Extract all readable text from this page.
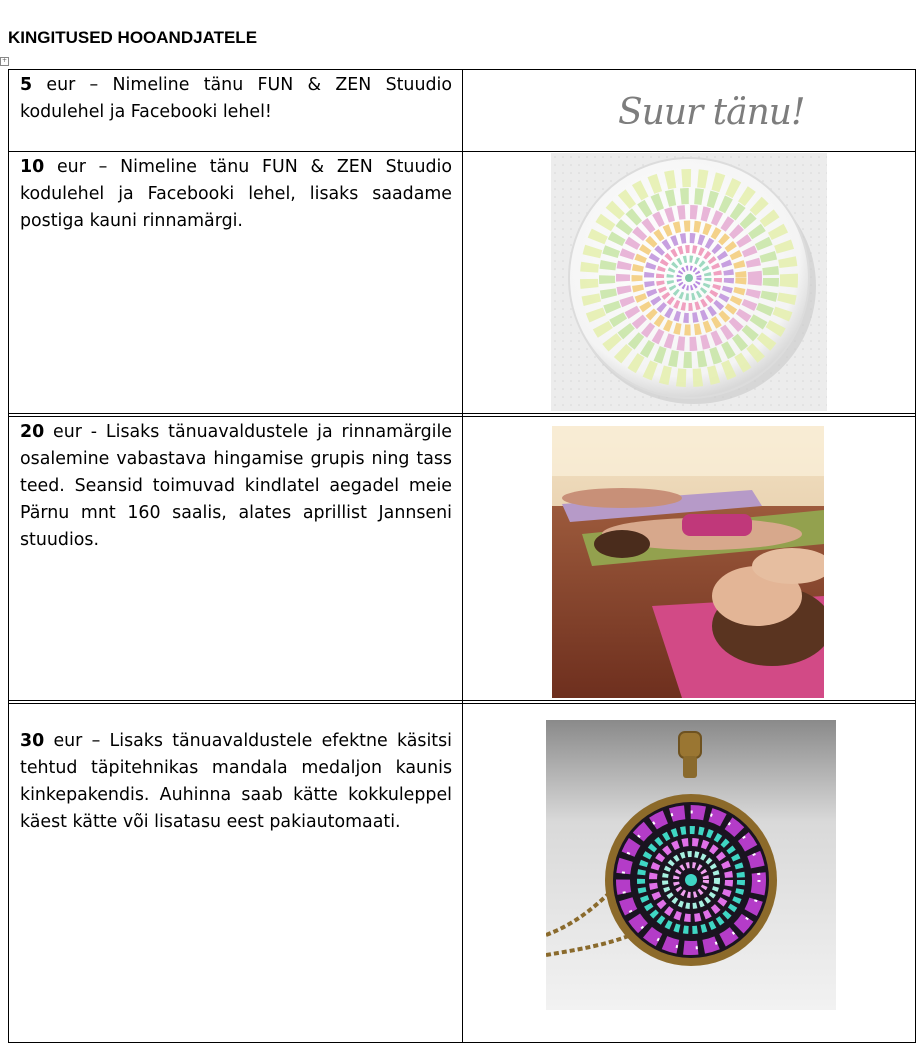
KINGITUSED HOOANDJATELE
+

5 eur – Nimeline tänu FUN & ZEN Stuudio kodulehel ja Facebooki lehel!	Suur tänu!

10 eur – Nimeline tänu FUN & ZEN Stuudio kodulehel ja Facebooki lehel, lisaks saadame postiga kauni rinnamärgi.

20 eur - Lisaks tänuavaldustele ja rinnamärgile osalemine vabastava hingamise grupis ning tass teed. Seansid toimuvad kindlatel aegadel meie Pärnu mnt 160 saalis, alates aprillist Jannseni stuudios.

30 eur – Lisaks tänuavaldustele efektne käsitsi tehtud täpitehnikas mandala medaljon kaunis kinkepakendis. Auhinna saab kätte kokkuleppel käest kätte või lisatasu eest pakiautomaati.
